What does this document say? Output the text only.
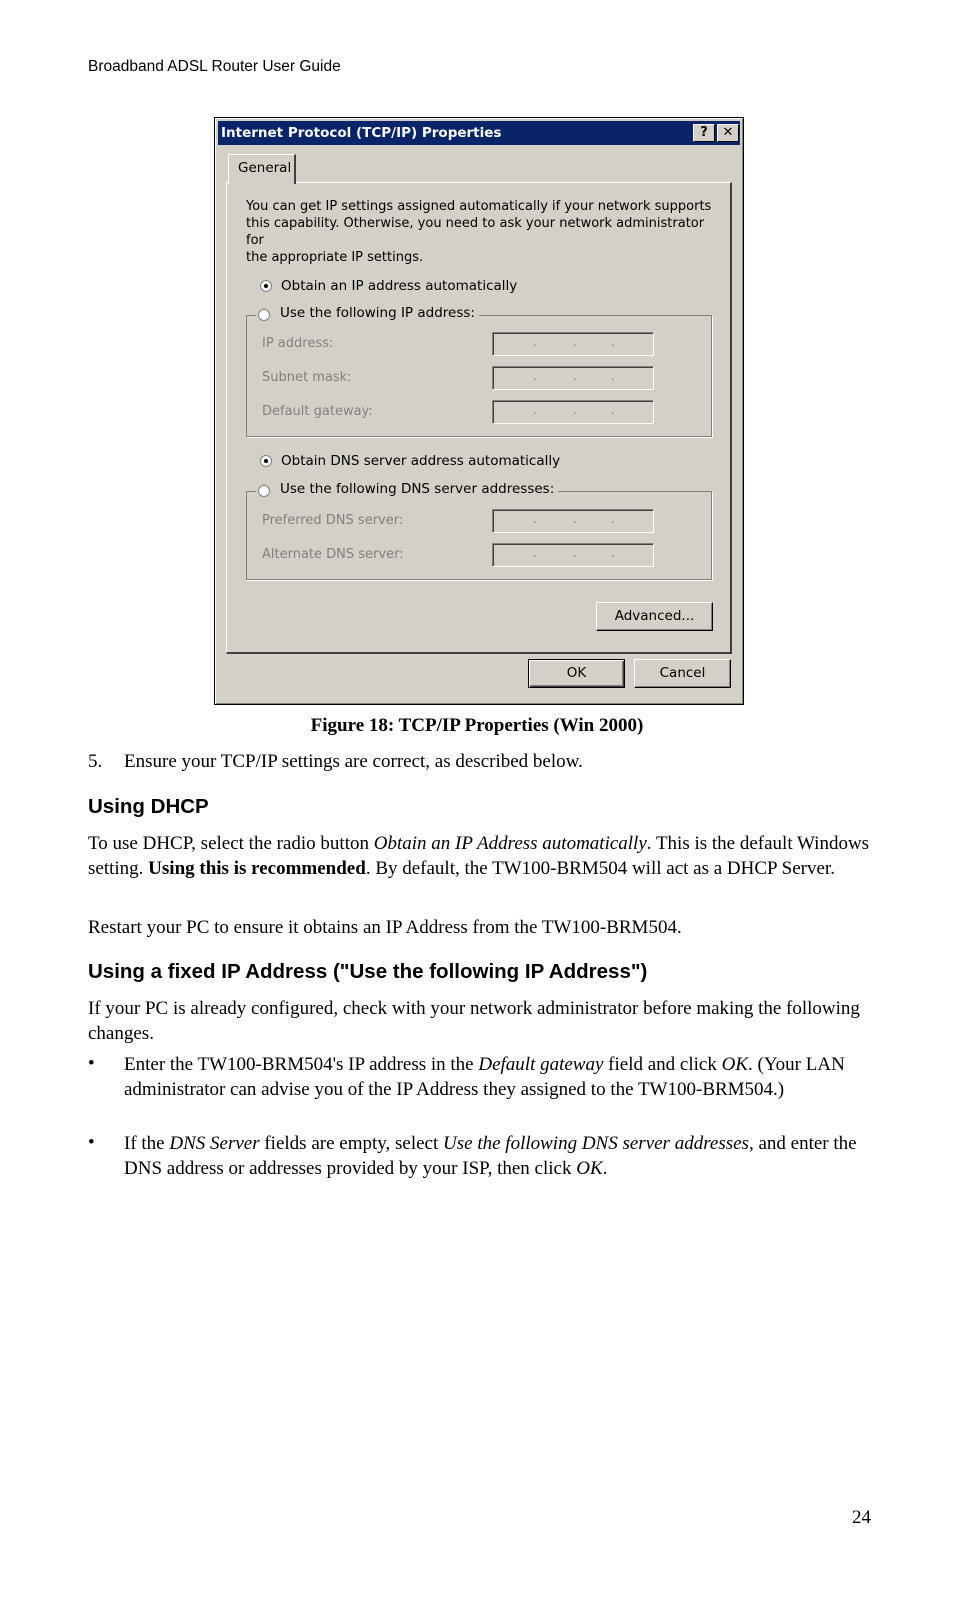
Broadband ADSL Router User Guide
Internet Protocol (TCP/IP) Properties	?	✕
General
You can get IP settings assigned automatically if your network supports
this capability. Otherwise, you need to ask your network administrator for
the appropriate IP settings.
Obtain an IP address automatically
Use the following IP address:
IP address:	.	.	.
Subnet mask:	.	.	.
Default gateway:	.	.	.
Obtain DNS server address automatically
Use the following DNS server addresses:
Preferred DNS server:	.	.	.
Alternate DNS server:	.	.	.
Advanced...
OK	Cancel
Figure 18: TCP/IP Properties (Win 2000)
5. Ensure your TCP/IP settings are correct, as described below.
Using DHCP
To use DHCP, select the radio button Obtain an IP Address automatically. This is the default Windows setting. Using this is recommended. By default, the TW100-BRM504 will act as a DHCP Server.
Restart your PC to ensure it obtains an IP Address from the TW100-BRM504.
Using a fixed IP Address ("Use the following IP Address")
If your PC is already configured, check with your network administrator before making the following changes.
• Enter the TW100-BRM504's IP address in the Default gateway field and click OK. (Your LAN administrator can advise you of the IP Address they assigned to the TW100-BRM504.)
• If the DNS Server fields are empty, select Use the following DNS server addresses, and enter the DNS address or addresses provided by your ISP, then click OK.
24
